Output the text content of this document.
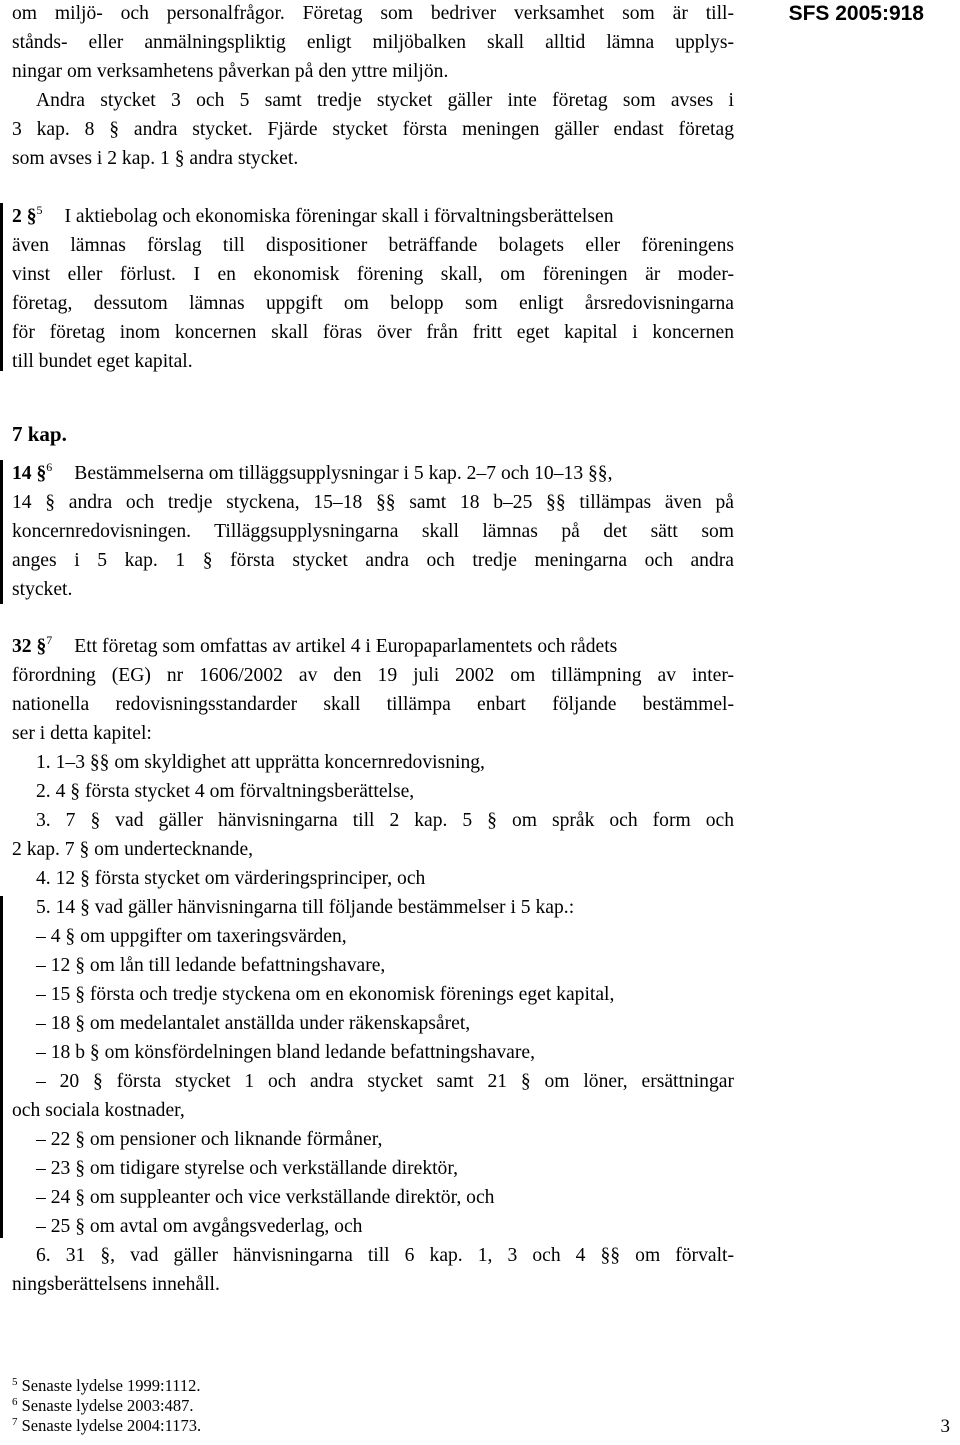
SFS 2005:918
om miljö- och personalfrågor. Företag som bedriver verksamhet som är till-
stånds- eller anmälningspliktig enligt miljöbalken skall alltid lämna upplys-
ningar om verksamhetens påverkan på den yttre miljön.
Andra stycket 3 och 5 samt tredje stycket gäller inte företag som avses i
3 kap. 8 § andra stycket. Fjärde stycket första meningen gäller endast företag
som avses i 2 kap. 1 § andra stycket.
2 §$^5$ I aktiebolag och ekonomiska föreningar skall i förvaltningsberättelsen
även lämnas förslag till dispositioner beträffande bolagets eller föreningens
vinst eller förlust. I en ekonomisk förening skall, om föreningen är moder-
företag, dessutom lämnas uppgift om belopp som enligt årsredovisningarna
för företag inom koncernen skall föras över från fritt eget kapital i koncernen
till bundet eget kapital.
7 kap.
14 §$^6$ Bestämmelserna om tilläggsupplysningar i 5 kap. 2–7 och 10–13 §§,
14 § andra och tredje styckena, 15–18 §§ samt 18 b–25 §§ tillämpas även på
koncernredovisningen. Tilläggsupplysningarna skall lämnas på det sätt som
anges i 5 kap. 1 § första stycket andra och tredje meningarna och andra
stycket.
32 §$^7$ Ett företag som omfattas av artikel 4 i Europaparlamentets och rådets
förordning (EG) nr 1606/2002 av den 19 juli 2002 om tillämpning av inter-
nationella redovisningsstandarder skall tillämpa enbart följande bestämmel-
ser i detta kapitel:
1. 1–3 §§ om skyldighet att upprätta koncernredovisning,
2. 4 § första stycket 4 om förvaltningsberättelse,
3. 7 § vad gäller hänvisningarna till 2 kap. 5 § om språk och form och
2 kap. 7 § om undertecknande,
4. 12 § första stycket om värderingsprinciper, och
5. 14 § vad gäller hänvisningarna till följande bestämmelser i 5 kap.:
– 4 § om uppgifter om taxeringsvärden,
– 12 § om lån till ledande befattningshavare,
– 15 § första och tredje styckena om en ekonomisk förenings eget kapital,
– 18 § om medelantalet anställda under räkenskapsåret,
– 18 b § om könsfördelningen bland ledande befattningshavare,
– 20 § första stycket 1 och andra stycket samt 21 § om löner, ersättningar
och sociala kostnader,
– 22 § om pensioner och liknande förmåner,
– 23 § om tidigare styrelse och verkställande direktör,
– 24 § om suppleanter och vice verkställande direktör, och
– 25 § om avtal om avgångsvederlag, och
6. 31 §, vad gäller hänvisningarna till 6 kap. 1, 3 och 4 §§ om förvalt-
ningsberättelsens innehåll.
$^5$ Senaste lydelse 1999:1112.
$^6$ Senaste lydelse 2003:487.
$^7$ Senaste lydelse 2004:1173.	3
